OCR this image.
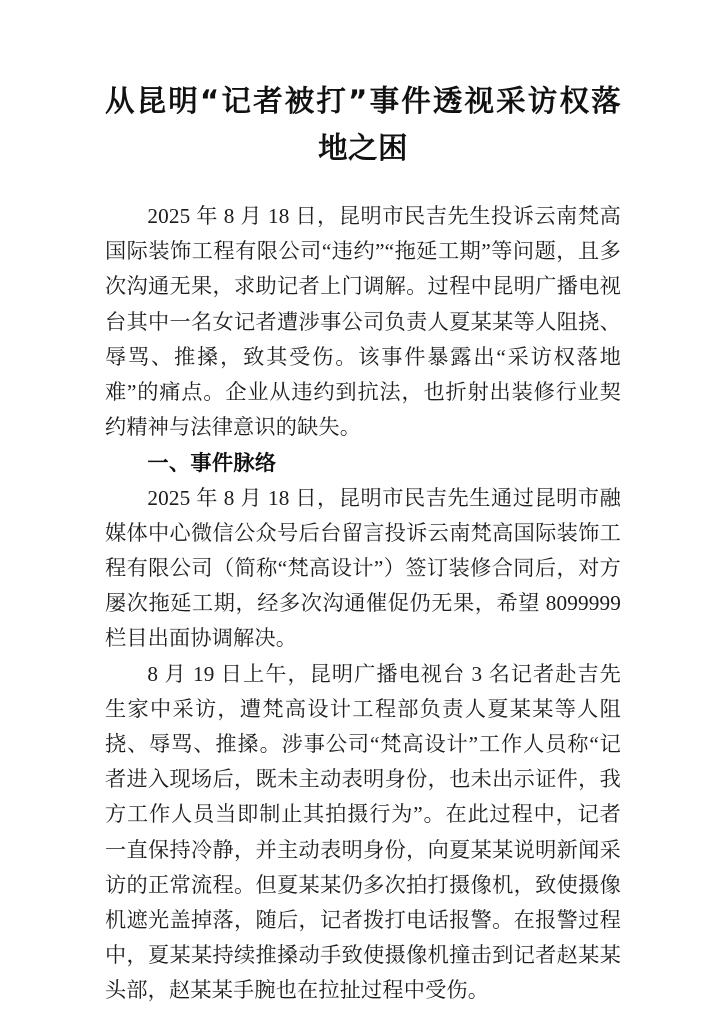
从昆明“记者被打”事件透视采访权落地之困

2025 年 8 月 18 日，昆明市民吉先生投诉云南梵高国际装饰工程有限公司“违约”“拖延工期”等问题，且多次沟通无果，求助记者上门调解。过程中昆明广播电视台其中一名女记者遭涉事公司负责人夏某某等人阻挠、辱骂、推搡，致其受伤。该事件暴露出“采访权落地难”的痛点。企业从违约到抗法，也折射出装修行业契约精神与法律意识的缺失。

一、事件脉络

2025 年 8 月 18 日，昆明市民吉先生通过昆明市融媒体中心微信公众号后台留言投诉云南梵高国际装饰工程有限公司（简称“梵高设计”）签订装修合同后，对方屡次拖延工期，经多次沟通催促仍无果，希望 8099999 栏目出面协调解决。

8 月 19 日上午，昆明广播电视台 3 名记者赴吉先生家中采访，遭梵高设计工程部负责人夏某某等人阻挠、辱骂、推搡。涉事公司“梵高设计”工作人员称“记者进入现场后，既未主动表明身份，也未出示证件，我方工作人员当即制止其拍摄行为”。在此过程中，记者一直保持冷静，并主动表明身份，向夏某某说明新闻采访的正常流程。但夏某某仍多次拍打摄像机，致使摄像机遮光盖掉落，随后，记者拨打电话报警。在报警过程中，夏某某持续推搡动手致使摄像机撞击到记者赵某某头部，赵某某手腕也在拉扯过程中受伤。
